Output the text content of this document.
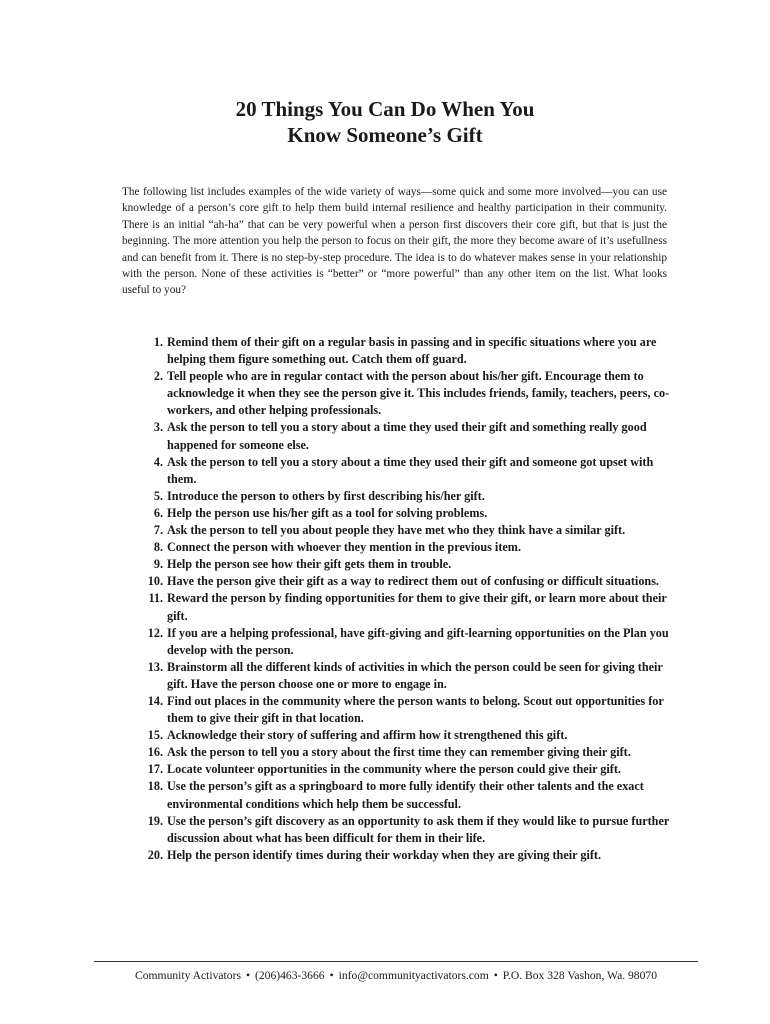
20 Things You Can Do When You
Know Someone’s Gift

The following list includes examples of the wide variety of ways—some quick and some more involved—you can use knowledge of a person’s core gift to help them build internal resilience and healthy participation in their community. There is an initial “ah-ha” that can be very powerful when a person first discovers their core gift, but that is just the beginning. The more attention you help the person to focus on their gift, the more they become aware of it’s usefullness and can benefit from it. There is no step-by-step procedure. The idea is to do whatever makes sense in your relationship with the person. None of these activities is “better” or “more powerful” than any other item on the list. What looks useful to you?

1. Remind them of their gift on a regular basis in passing and in specific situations where you are helping them figure something out. Catch them off guard.
2. Tell people who are in regular contact with the person about his/her gift. Encourage them to acknowledge it when they see the person give it. This includes friends, family, teachers, peers, co-workers, and other helping professionals.
3. Ask the person to tell you a story about a time they used their gift and something really good happened for someone else.
4. Ask the person to tell you a story about a time they used their gift and someone got upset with them.
5. Introduce the person to others by first describing his/her gift.
6. Help the person use his/her gift as a tool for solving problems.
7. Ask the person to tell you about people they have met who they think have a similar gift.
8. Connect the person with whoever they mention in the previous item.
9. Help the person see how their gift gets them in trouble.
10. Have the person give their gift as a way to redirect them out of confusing or difficult situations.
11. Reward the person by finding opportunities for them to give their gift, or learn more about their gift.
12. If you are a helping professional, have gift-giving and gift-learning opportunities on the Plan you develop with the person.
13. Brainstorm all the different kinds of activities in which the person could be seen for giving their gift. Have the person choose one or more to engage in.
14. Find out places in the community where the person wants to belong. Scout out opportunities for them to give their gift in that location.
15. Acknowledge their story of suffering and affirm how it strengthened this gift.
16. Ask the person to tell you a story about the first time they can remember giving their gift.
17. Locate volunteer opportunities in the community where the person could give their gift.
18. Use the person’s gift as a springboard to more fully identify their other talents and the exact environmental conditions which help them be successful.
19. Use the person’s gift discovery as an opportunity to ask them if they would like to pursue further discussion about what has been difficult for them in their life.
20. Help the person identify times during their workday when they are giving their gift.
Community Activators • (206)463-3666 • info@communityactivators.com • P.O. Box 328 Vashon, Wa. 98070
